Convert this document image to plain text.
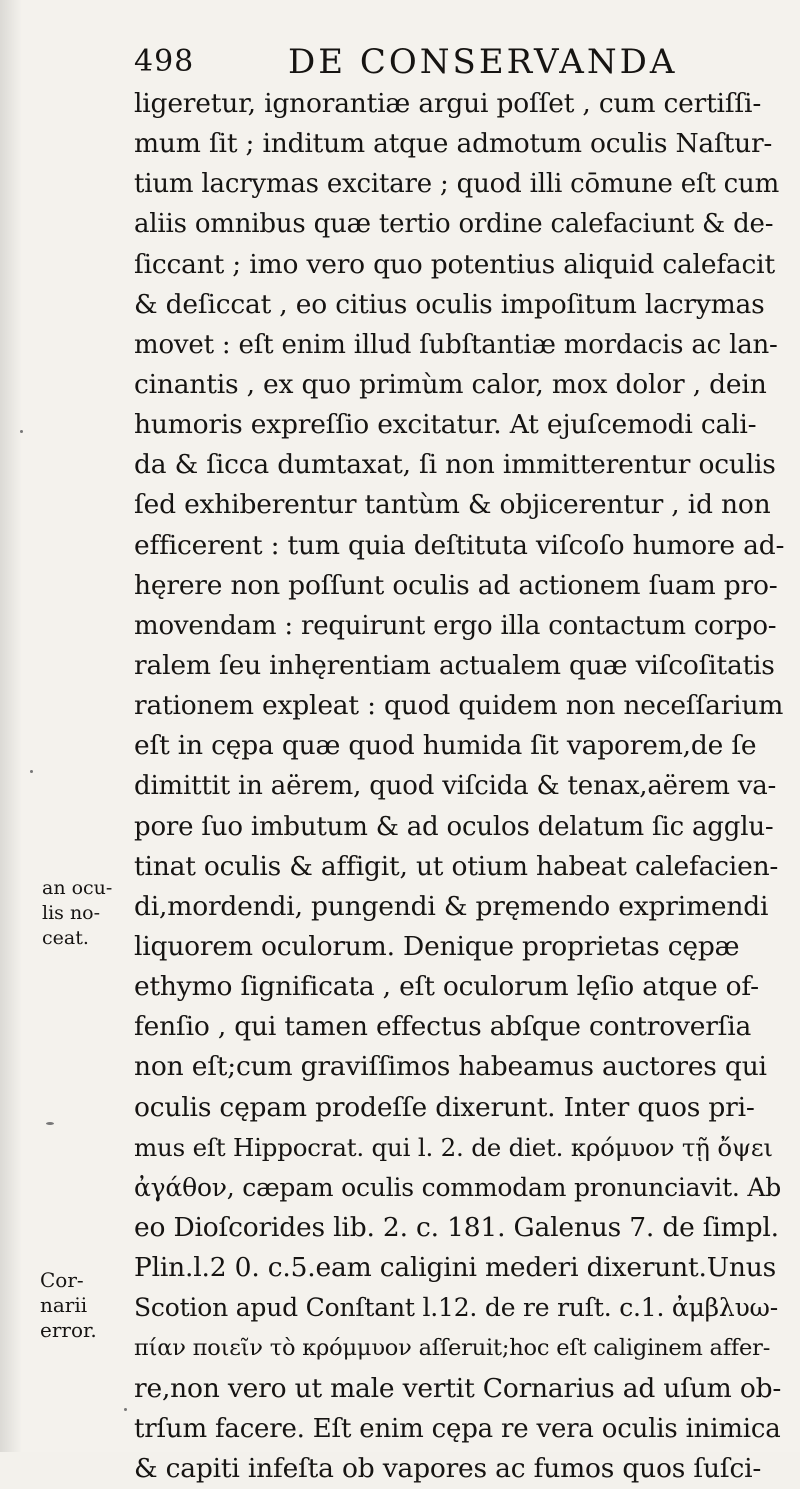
498	DE CONSERVANDA
ligeretur, ignorantiæ argui poſſet , cum certiſſi-
mum ſit ; inditum atque admotum oculis Naſtur-
tium lacrymas excitare ; quod illi cōmune eſt cum
aliis omnibus quæ tertio ordine calefaciunt & de-
ſiccant ; imo vero quo potentius aliquid calefacit
& deſiccat , eo citius oculis impoſitum lacrymas
movet : eſt enim illud ſubſtantiæ mordacis ac lan-
cinantis , ex quo primùm calor, mox dolor , dein
humoris expreſſio excitatur. At ejuſcemodi cali-
da & ſicca dumtaxat, ſi non immitterentur oculis
ſed exhiberentur tantùm & objicerentur , id non
efficerent : tum quia deſtituta viſcoſo humore ad-
hęrere non poſſunt oculis ad actionem ſuam pro-
movendam : requirunt ergo illa contactum corpo-
ralem ſeu inhęrentiam actualem quæ viſcoſitatis
rationem expleat : quod quidem non neceſſarium
eſt in cępa quæ quod humida ſit vaporem,de ſe
dimittit in aërem, quod viſcida & tenax,aërem va-
pore ſuo imbutum & ad oculos delatum ſic agglu-
tinat oculis & affigit, ut otium habeat calefacien-
di,mordendi, pungendi & pręmendo exprimendi
liquorem oculorum. Denique proprietas cępæ
ethymo ſignificata , eſt oculorum lęſio atque of-
fenſio , qui tamen effectus abſque controverſia
non eſt;cum graviſſimos habeamus auctores qui
oculis cępam prodeſſe dixerunt. Inter quos pri-
mus eſt Hippocrat. qui l. 2. de diet. κρόμυον τῇ ὄψει
ἀγάθον, cæpam oculis commodam pronunciavit. Ab
eo Dioſcorides lib. 2. c. 181. Galenus 7. de ſimpl.
Plin.l.2 0. c.5.eam caligini mederi dixerunt.Unus
Scotion apud Conſtant l.12. de re ruſt. c.1. ἀμβλυω-
πίαν ποιεῖν τὸ κρόμμυον aſſeruit;hoc eſt caliginem affer-
re,non vero ut male vertit Cornarius ad uſum ob-
trſum facere. Eſt enim cępa re vera oculis inimica
& capiti infeſta ob vapores ac fumos quos ſuſci-
an ocu-
lis no-
ceat.
Cor-
narii
error.
